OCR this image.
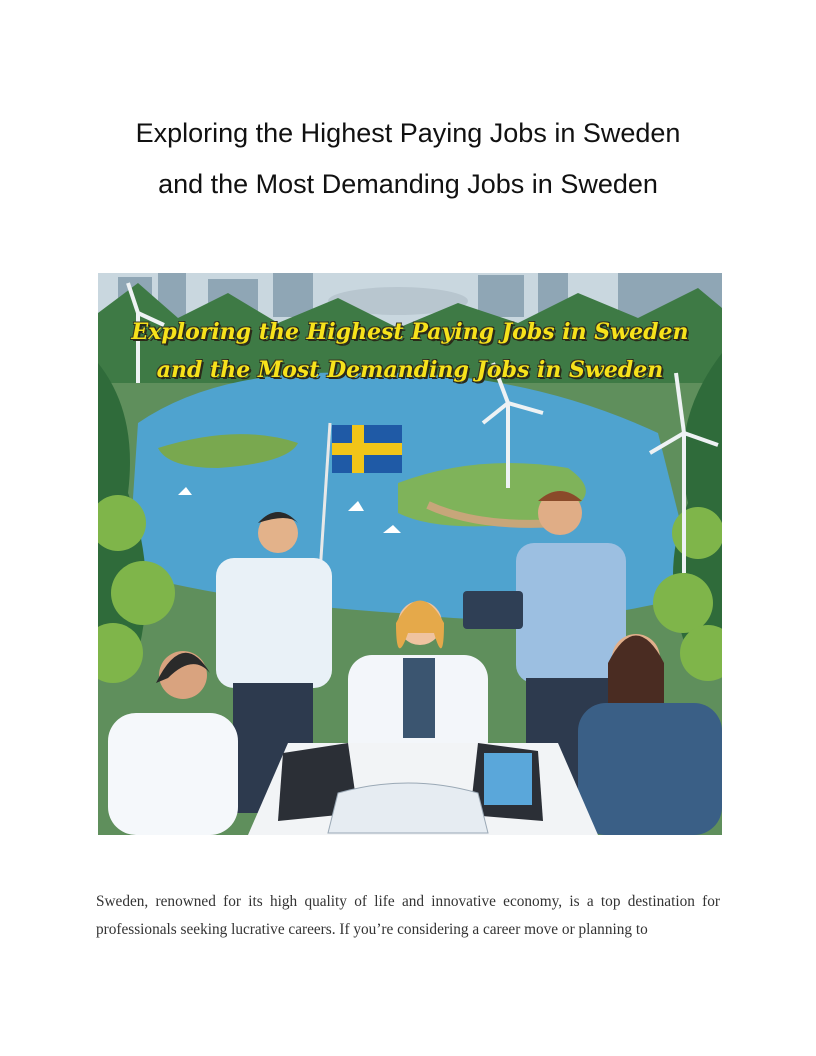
Exploring the Highest Paying Jobs in Sweden
and the Most Demanding Jobs in Sweden
Exploring the Highest Paying Jobs in Sweden
and the Most Demanding Jobs in Sweden

Sweden, renowned for its high quality of life and innovative economy, is a top destination for professionals seeking lucrative careers. If you’re considering a career move or planning to
